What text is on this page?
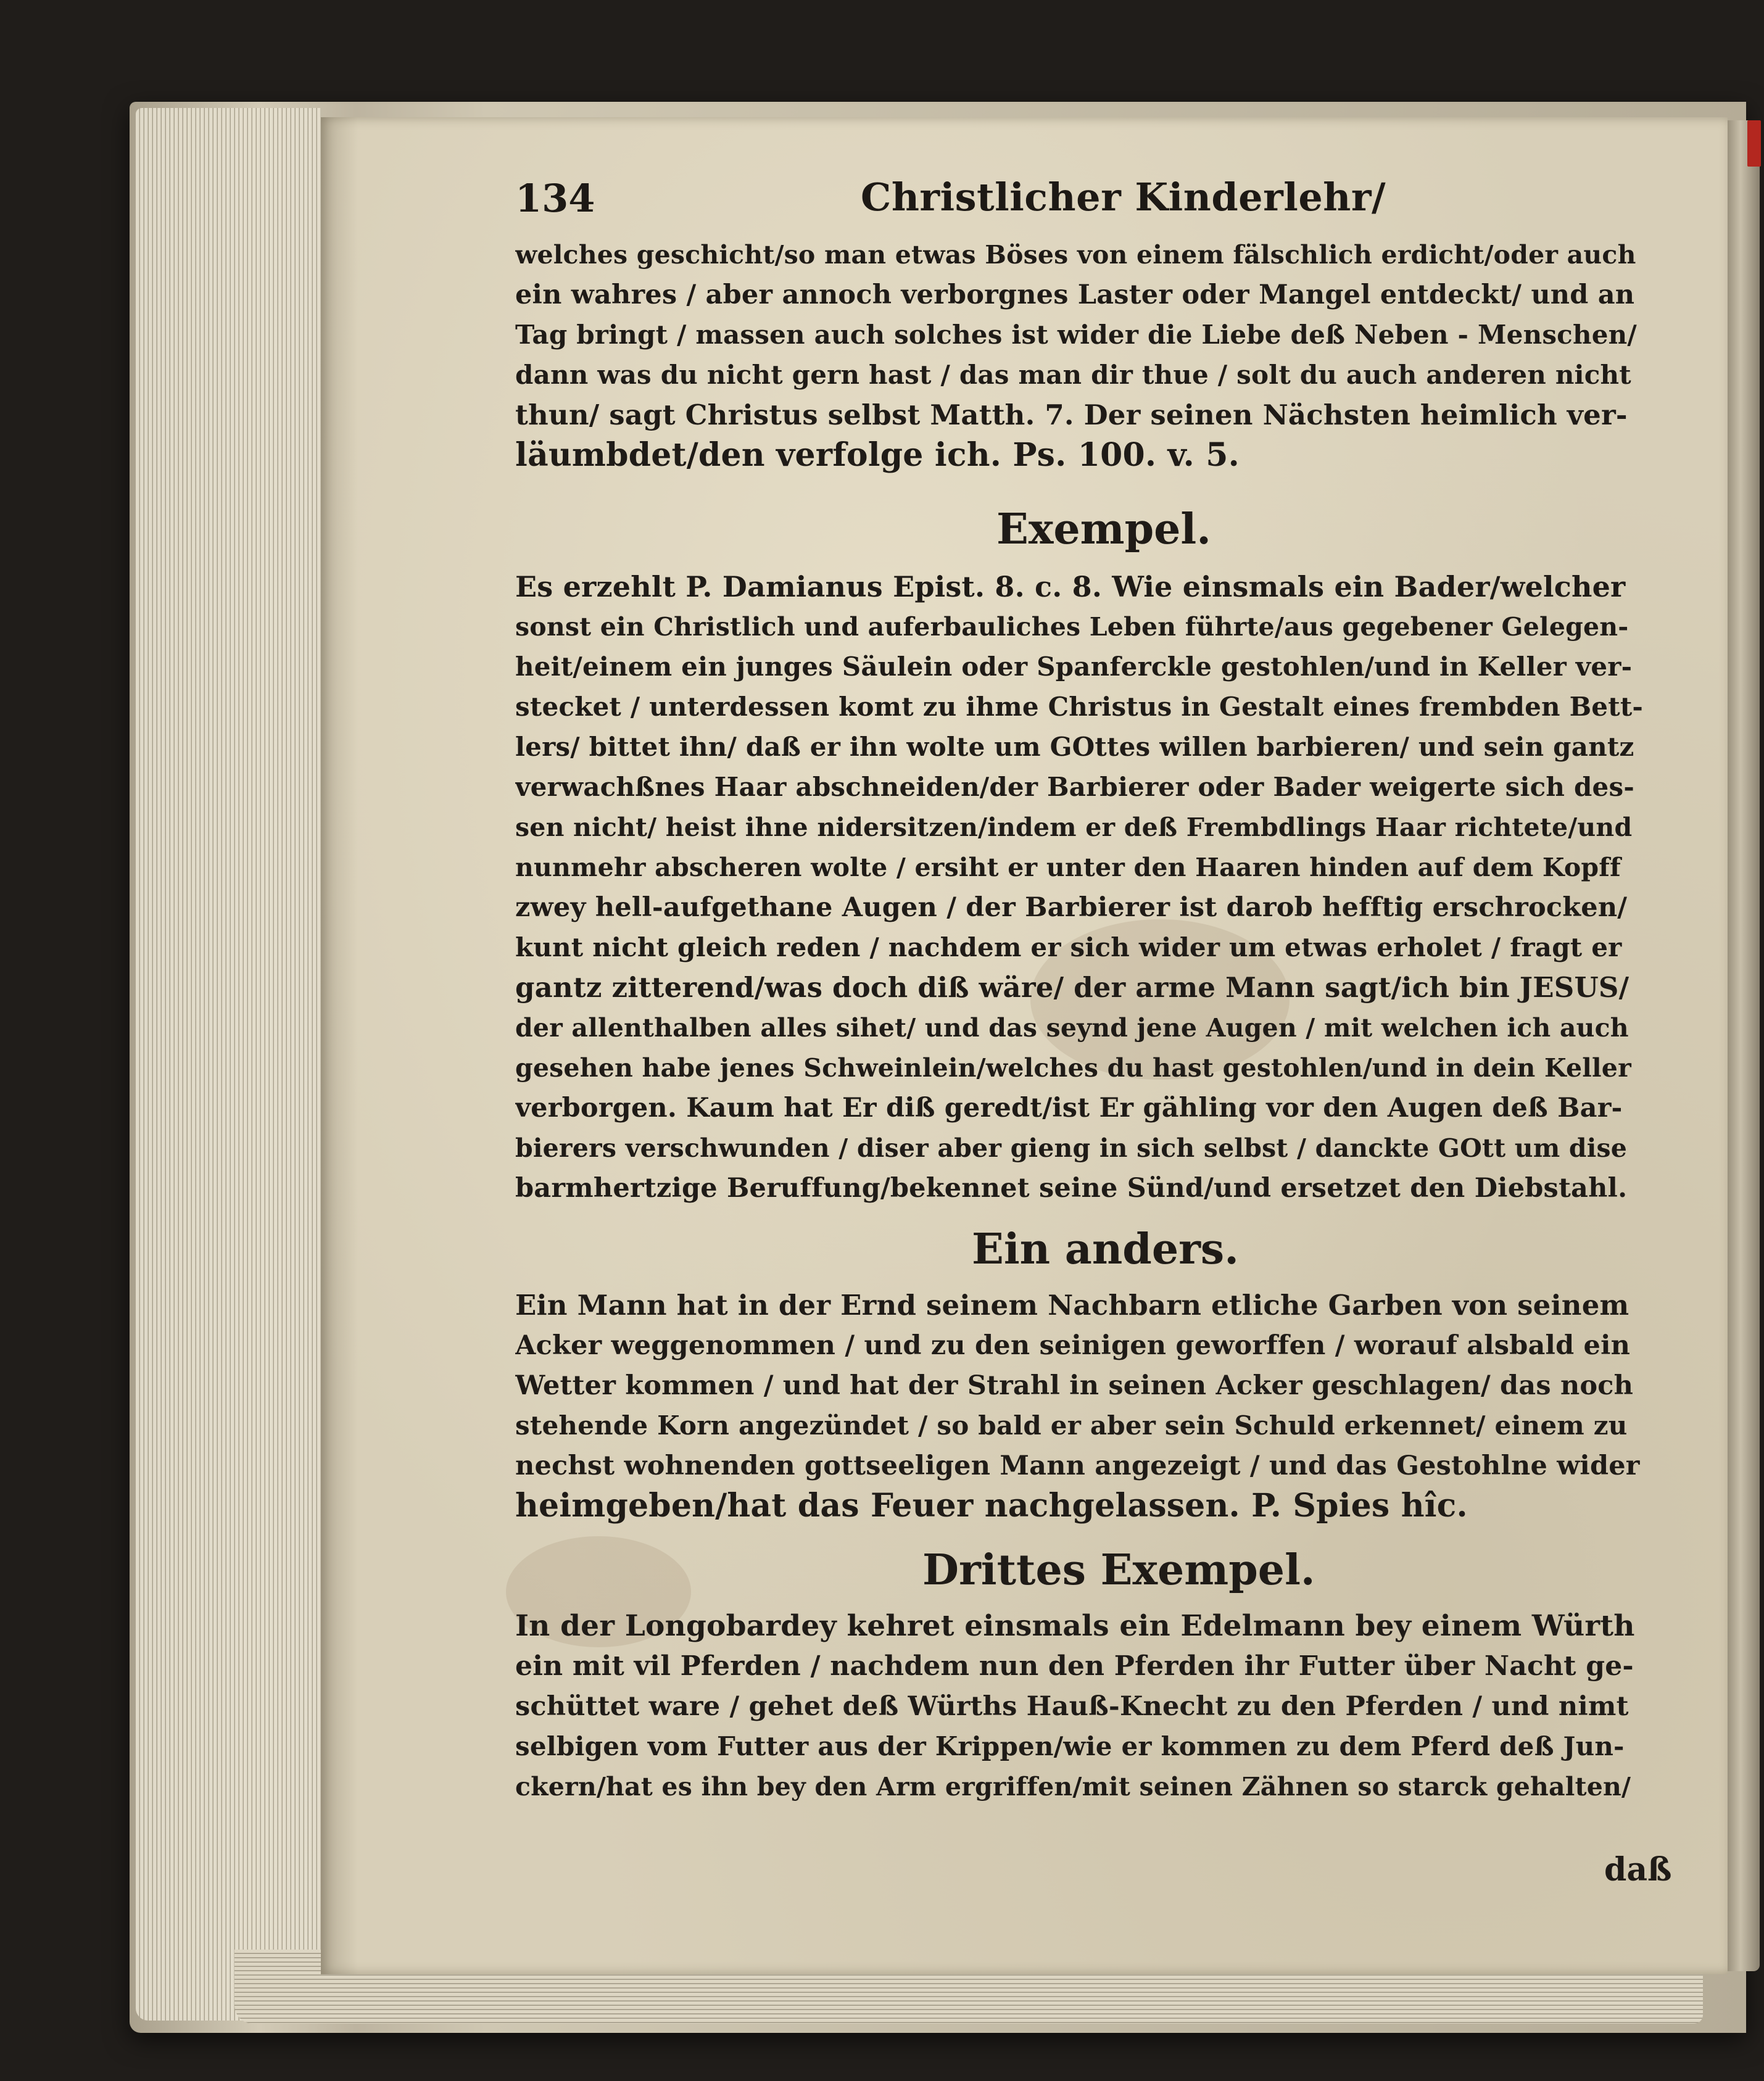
134	Christlicher Kinderlehr/
welches geschicht/so man etwas Böses von einem fälschlich erdicht/oder auch
ein wahres / aber annoch verborgnes Laster oder Mangel entdeckt/ und an
Tag bringt / massen auch solches ist wider die Liebe deß Neben - Menschen/
dann was du nicht gern hast / das man dir thue / solt du auch anderen nicht
thun/ sagt Christus selbst Matth. 7. Der seinen Nächsten heimlich ver-
läumbdet/den verfolge ich. Ps. 100. v. 5.
Exempel.
Es erzehlt P. Damianus Epist. 8. c. 8. Wie einsmals ein Bader/welcher
sonst ein Christlich und auferbauliches Leben führte/aus gegebener Gelegen-
heit/einem ein junges Säulein oder Spanferckle gestohlen/und in Keller ver-
stecket / unterdessen komt zu ihme Christus in Gestalt eines frembden Bett-
lers/ bittet ihn/ daß er ihn wolte um GOttes willen barbieren/ und sein gantz
verwachßnes Haar abschneiden/der Barbierer oder Bader weigerte sich des-
sen nicht/ heist ihne nidersitzen/indem er deß Frembdlings Haar richtete/und
nunmehr abscheren wolte / ersiht er unter den Haaren hinden auf dem Kopff
zwey hell-aufgethane Augen / der Barbierer ist darob hefftig erschrocken/
kunt nicht gleich reden / nachdem er sich wider um etwas erholet / fragt er
gantz zitterend/was doch diß wäre/ der arme Mann sagt/ich bin JESUS/
der allenthalben alles sihet/ und das seynd jene Augen / mit welchen ich auch
gesehen habe jenes Schweinlein/welches du hast gestohlen/und in dein Keller
verborgen. Kaum hat Er diß geredt/ist Er gähling vor den Augen deß Bar-
bierers verschwunden / diser aber gieng in sich selbst / danckte GOtt um dise
barmhertzige Beruffung/bekennet seine Sünd/und ersetzet den Diebstahl.
Ein anders.
Ein Mann hat in der Ernd seinem Nachbarn etliche Garben von seinem
Acker weggenommen / und zu den seinigen geworffen / worauf alsbald ein
Wetter kommen / und hat der Strahl in seinen Acker geschlagen/ das noch
stehende Korn angezündet / so bald er aber sein Schuld erkennet/ einem zu
nechst wohnenden gottseeligen Mann angezeigt / und das Gestohlne wider
heimgeben/hat das Feuer nachgelassen. P. Spies hîc.
Drittes Exempel.
In der Longobardey kehret einsmals ein Edelmann bey einem Würth
ein mit vil Pferden / nachdem nun den Pferden ihr Futter über Nacht ge-
schüttet ware / gehet deß Würths Hauß-Knecht zu den Pferden / und nimt
selbigen vom Futter aus der Krippen/wie er kommen zu dem Pferd deß Jun-
ckern/hat es ihn bey den Arm ergriffen/mit seinen Zähnen so starck gehalten/
daß
